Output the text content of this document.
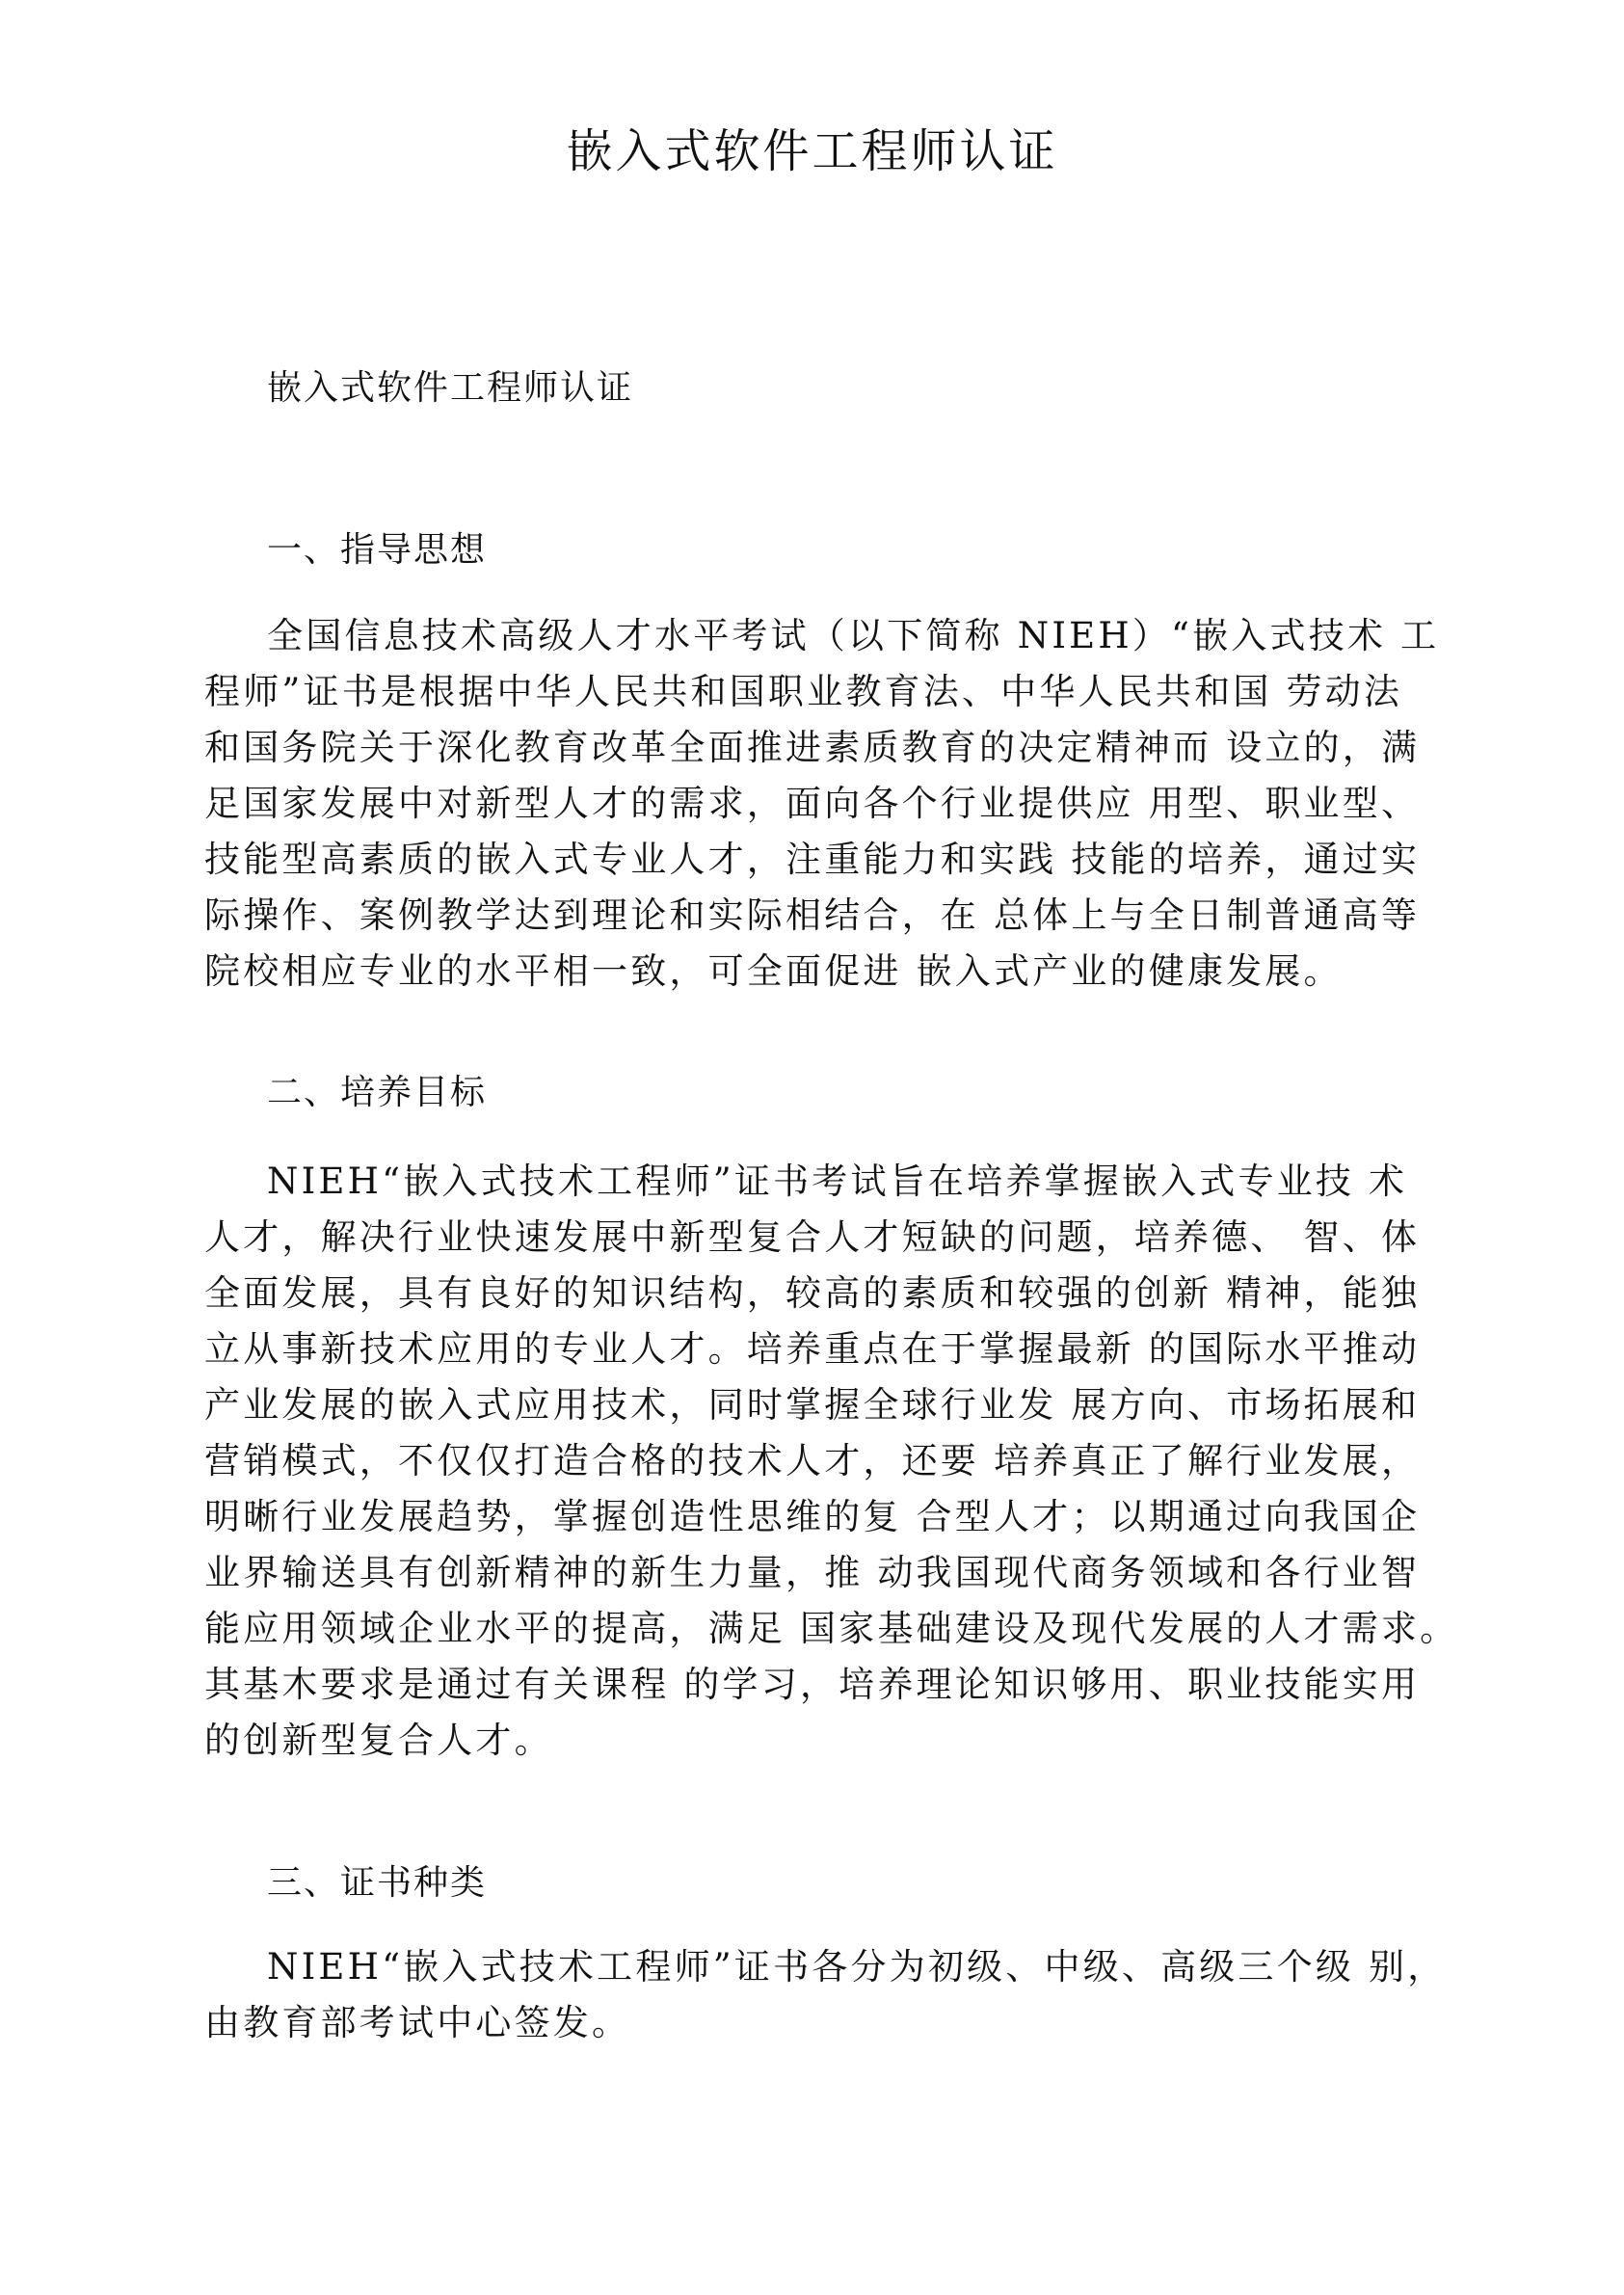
嵌入式软件工程师认证

嵌入式软件工程师认证

一、指导思想
全国信息技术高级人才水平考试（以下简称 NIEH）“嵌入式技术 工
程师”证书是根据中华人民共和国职业教育法、中华人民共和国 劳动法
和国务院关于深化教育改革全面推进素质教育的决定精神而 设立的，满
足国家发展中对新型人才的需求，面向各个行业提供应 用型、职业型、
技能型高素质的嵌入式专业人才，注重能力和实践 技能的培养，通过实
际操作、案例教学达到理论和实际相结合，在 总体上与全日制普通高等
院校相应专业的水平相一致，可全面促进 嵌入式产业的健康发展。
二、培养目标
NIEH“嵌入式技术工程师”证书考试旨在培养掌握嵌入式专业技 术
人才，解决行业快速发展中新型复合人才短缺的问题，培养德、 智、体
全面发展，具有良好的知识结构，较高的素质和较强的创新 精神，能独
立从事新技术应用的专业人才。培养重点在于掌握最新 的国际水平推动
产业发展的嵌入式应用技术，同时掌握全球行业发 展方向、市场拓展和
营销模式，不仅仅打造合格的技术人才，还要 培养真正了解行业发展，
明晰行业发展趋势，掌握创造性思维的复 合型人才；以期通过向我国企
业界输送具有创新精神的新生力量，推 动我国现代商务领域和各行业智
能应用领域企业水平的提高，满足 国家基础建设及现代发展的人才需求。
其基木要求是通过有关课程 的学习，培养理论知识够用、职业技能实用
的创新型复合人才。
三、证书种类
NIEH“嵌入式技术工程师”证书各分为初级、中级、高级三个级 别，
由教育部考试中心签发。
